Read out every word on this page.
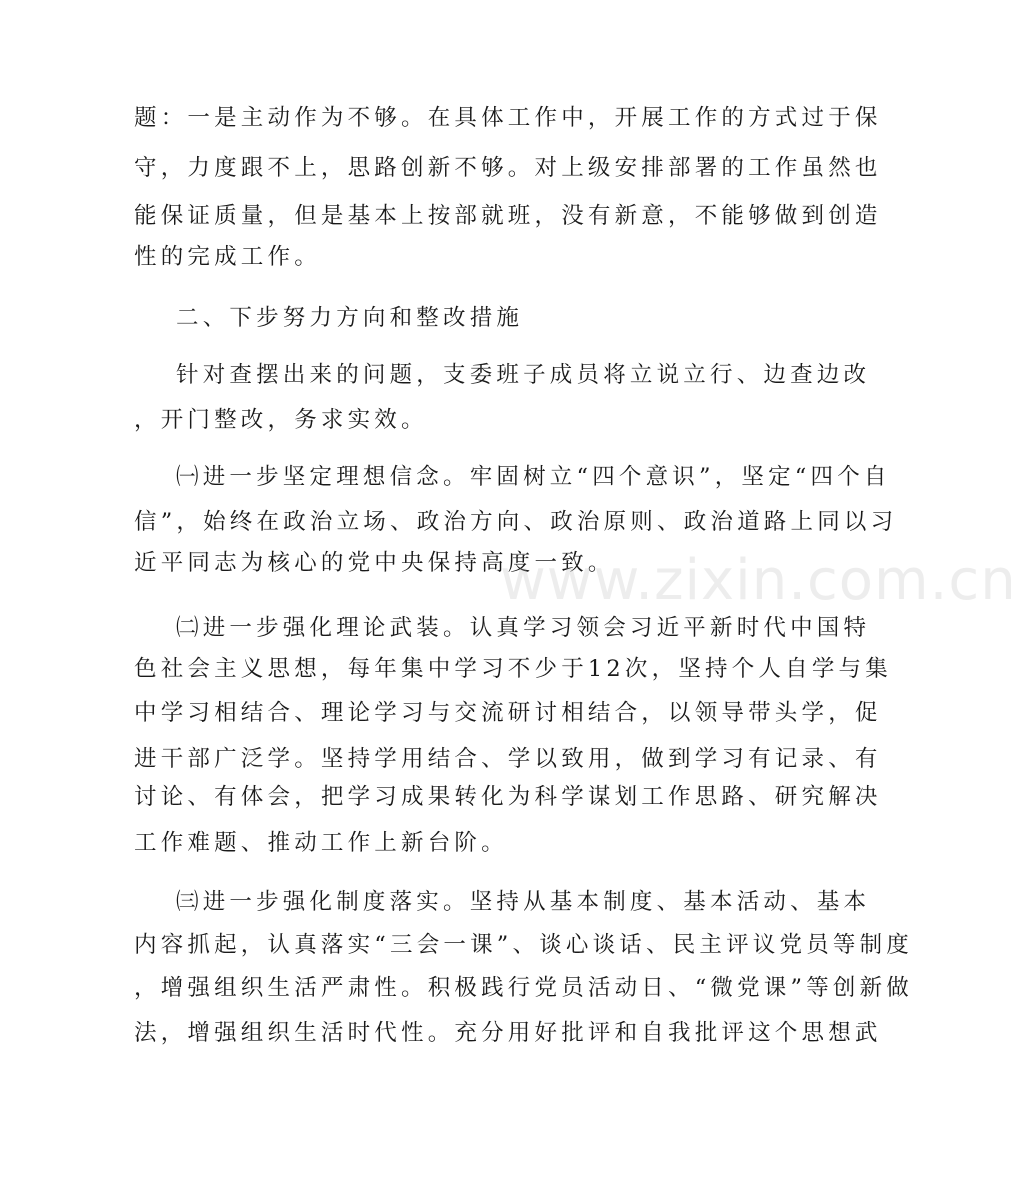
题：一是主动作为不够。在具体工作中，开展工作的方式过于保
守，力度跟不上，思路创新不够。对上级安排部署的工作虽然也
能保证质量，但是基本上按部就班，没有新意，不能够做到创造
性的完成工作。
二、下步努力方向和整改措施
针对查摆出来的问题，支委班子成员将立说立行、边查边改
，开门整改，务求实效。
㈠进一步坚定理想信念。牢固树立“四个意识”，坚定“四个自
信”，始终在政治立场、政治方向、政治原则、政治道路上同以习
近平同志为核心的党中央保持高度一致。
㈡进一步强化理论武装。认真学习领会习近平新时代中国特
色社会主义思想，每年集中学习不少于12次，坚持个人自学与集
中学习相结合、理论学习与交流研讨相结合，以领导带头学，促
进干部广泛学。坚持学用结合、学以致用，做到学习有记录、有
讨论、有体会，把学习成果转化为科学谋划工作思路、研究解决
工作难题、推动工作上新台阶。
㈢进一步强化制度落实。坚持从基本制度、基本活动、基本
内容抓起，认真落实“三会一课”、谈心谈话、民主评议党员等制度
，增强组织生活严肃性。积极践行党员活动日、“微党课”等创新做
法，增强组织生活时代性。充分用好批评和自我批评这个思想武
www.zixin.com.cn
